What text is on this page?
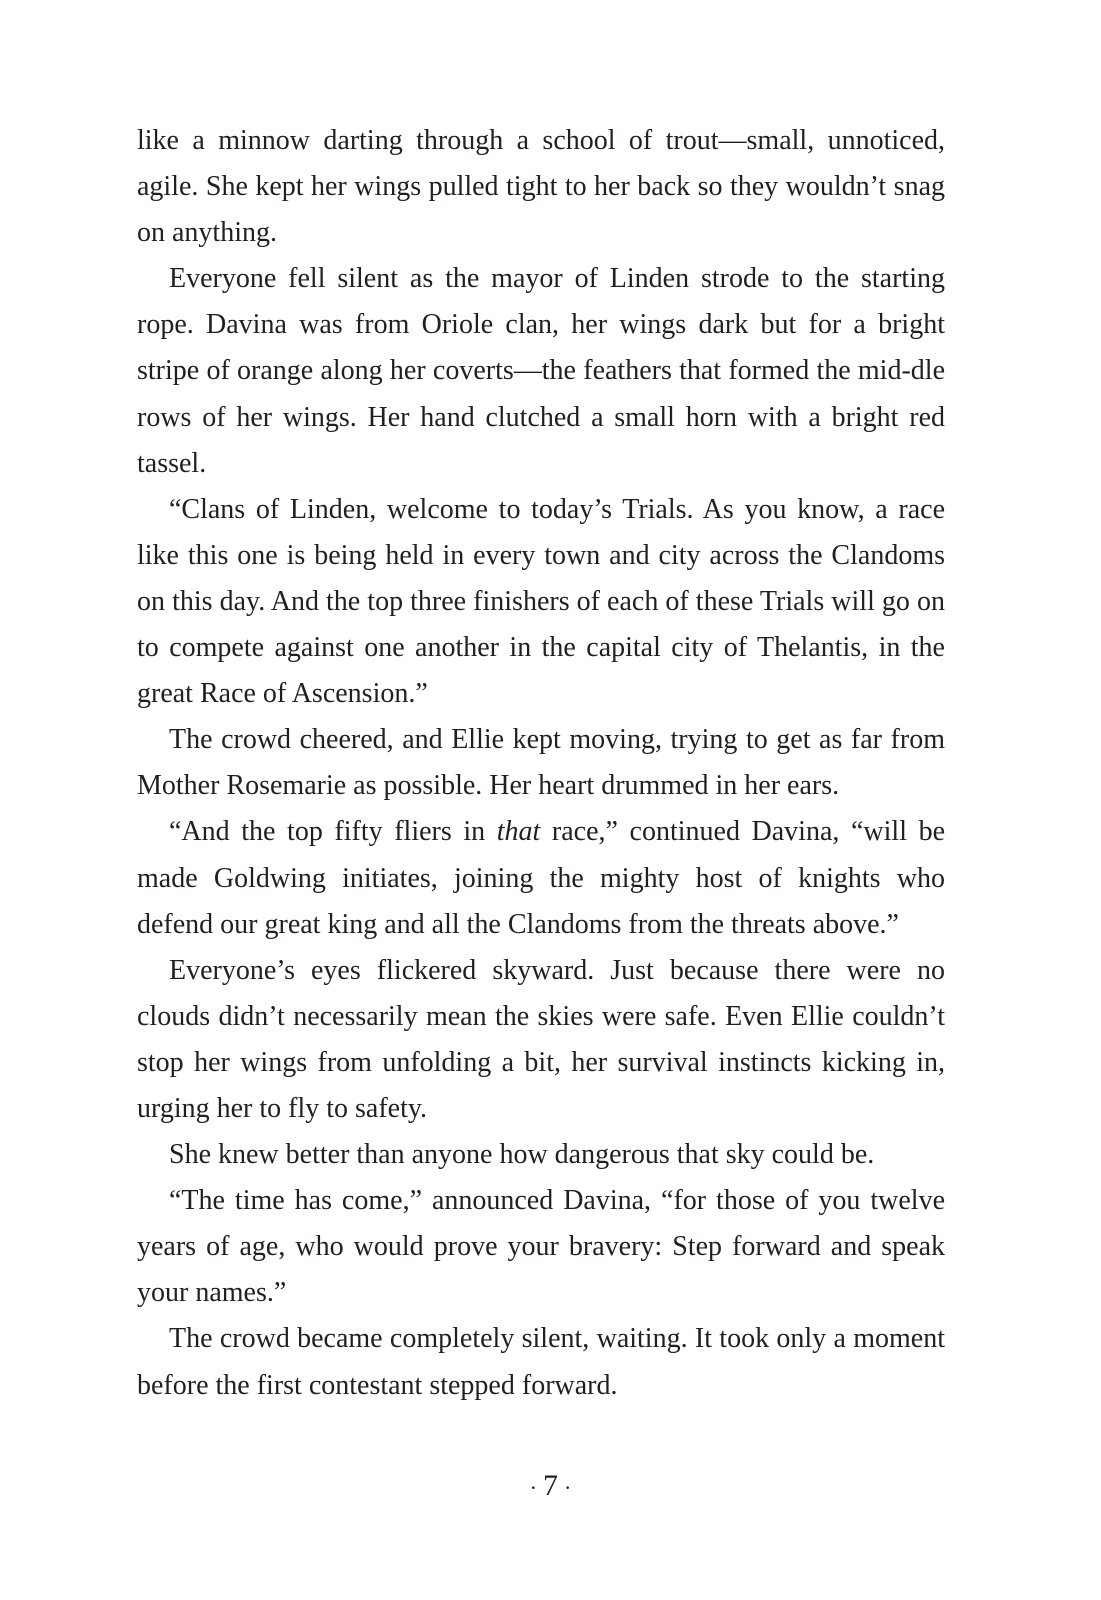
like a minnow darting through a school of trout—small, unnoticed, agile. She kept her wings pulled tight to her back so they wouldn’t snag on anything.

Everyone fell silent as the mayor of Linden strode to the starting rope. Davina was from Oriole clan, her wings dark but for a bright stripe of orange along her coverts—the feathers that formed the mid-dle rows of her wings. Her hand clutched a small horn with a bright red tassel.

“Clans of Linden, welcome to today’s Trials. As you know, a race like this one is being held in every town and city across the Clandoms on this day. And the top three finishers of each of these Trials will go on to compete against one another in the capital city of Thelantis, in the great Race of Ascension.”

The crowd cheered, and Ellie kept moving, trying to get as far from Mother Rosemarie as possible. Her heart drummed in her ears.

“And the top fifty fliers in that race,” continued Davina, “will be made Goldwing initiates, joining the mighty host of knights who defend our great king and all the Clandoms from the threats above.”

Everyone’s eyes flickered skyward. Just because there were no clouds didn’t necessarily mean the skies were safe. Even Ellie couldn’t stop her wings from unfolding a bit, her survival instincts kicking in, urging her to fly to safety.

She knew better than anyone how dangerous that sky could be.

“The time has come,” announced Davina, “for those of you twelve years of age, who would prove your bravery: Step forward and speak your names.”

The crowd became completely silent, waiting. It took only a moment before the first contestant stepped forward.

· 7 ·
